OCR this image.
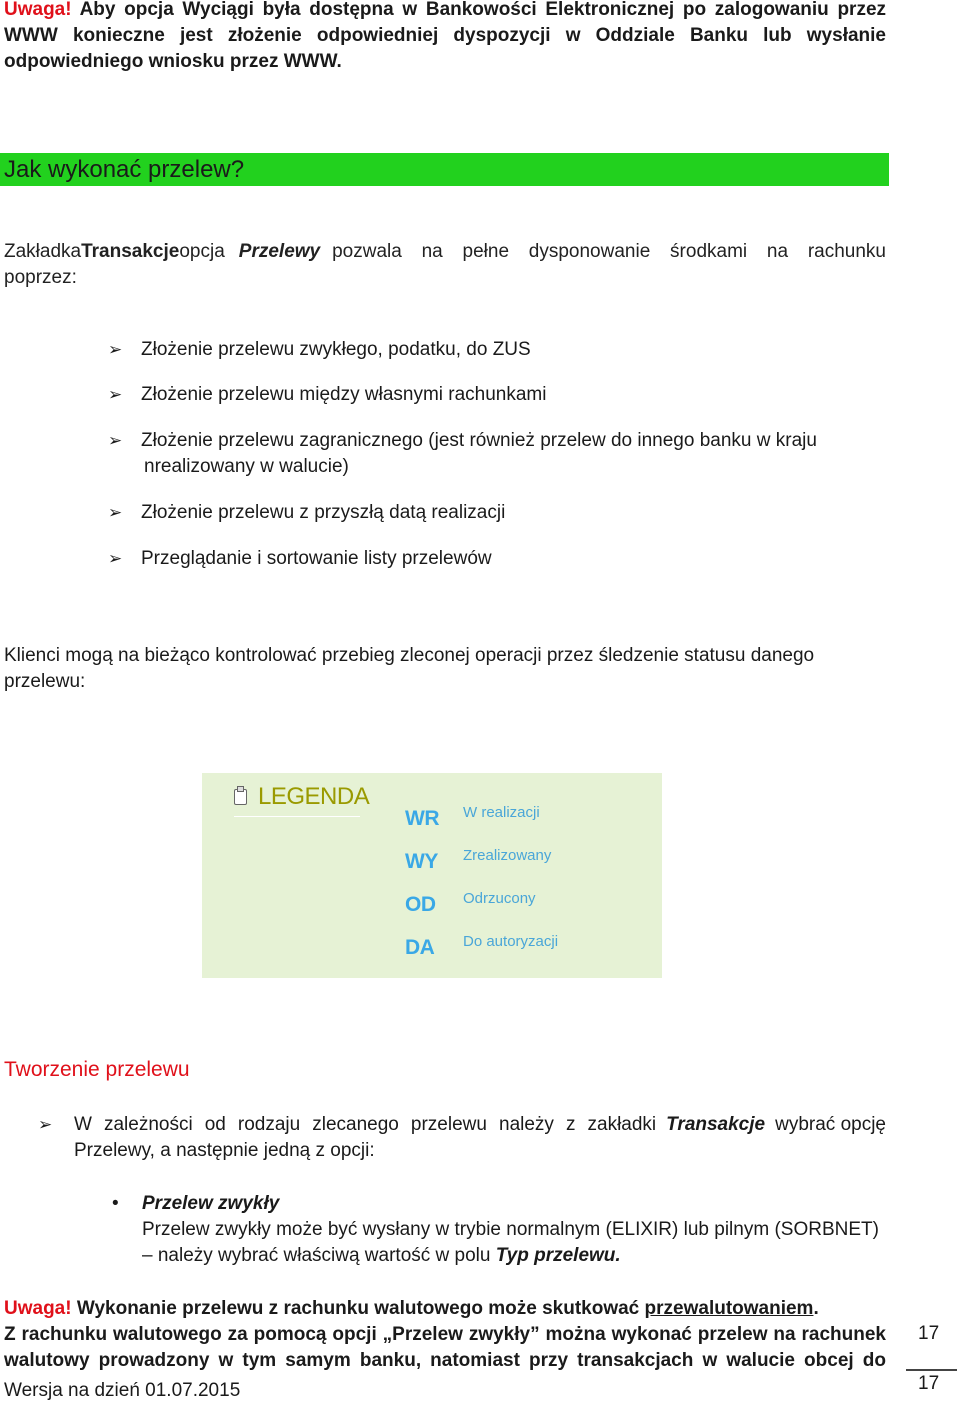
Uwaga! Aby opcja Wyciągi była dostępna w Bankowości Elektronicznej po zalogowaniu przez
WWW konieczne jest złożenie odpowiedniej dyspozycji w Oddziale Banku lub wysłanie
odpowiedniego wniosku przez WWW.
Jak wykonać przelew?
Zakładka Transakcje opcja Przelewy pozwala na pełne dysponowanie środkami na rachunku
poprzez:
➢ Złożenie przelewu zwykłego, podatku, do ZUS
➢ Złożenie przelewu między własnymi rachunkami
➢ Złożenie przelewu zagranicznego (jest również przelew do innego banku w kraju
nrealizowany w walucie)
➢ Złożenie przelewu z przyszłą datą realizacji
➢ Przeglądanie i sortowanie listy przelewów
Klienci mogą na bieżąco kontrolować przebieg zleconej operacji przez śledzenie statusu danego
przelewu:
LEGENDA
WR W realizacji
WY Zrealizowany
OD Odrzucony
DA Do autoryzacji
Tworzenie przelewu
➢ W zależności od rodzaju zlecanego przelewu należy z zakładki Transakcje wybrać opcję
Przelewy, a następnie jedną z opcji:
• Przelew zwykły
Przelew zwykły może być wysłany w trybie normalnym (ELIXIR) lub pilnym (SORBNET)
– należy wybrać właściwą wartość w polu Typ przelewu.
Uwaga! Wykonanie przelewu z rachunku walutowego może skutkować przewalutowaniem.
Z rachunku walutowego za pomocą opcji „Przelew zwykły” można wykonać przelew na rachunek
walutowy prowadzony w tym samym banku, natomiast przy transakcjach w walucie obcej do
Wersja na dzień 01.07.2015
17
17
